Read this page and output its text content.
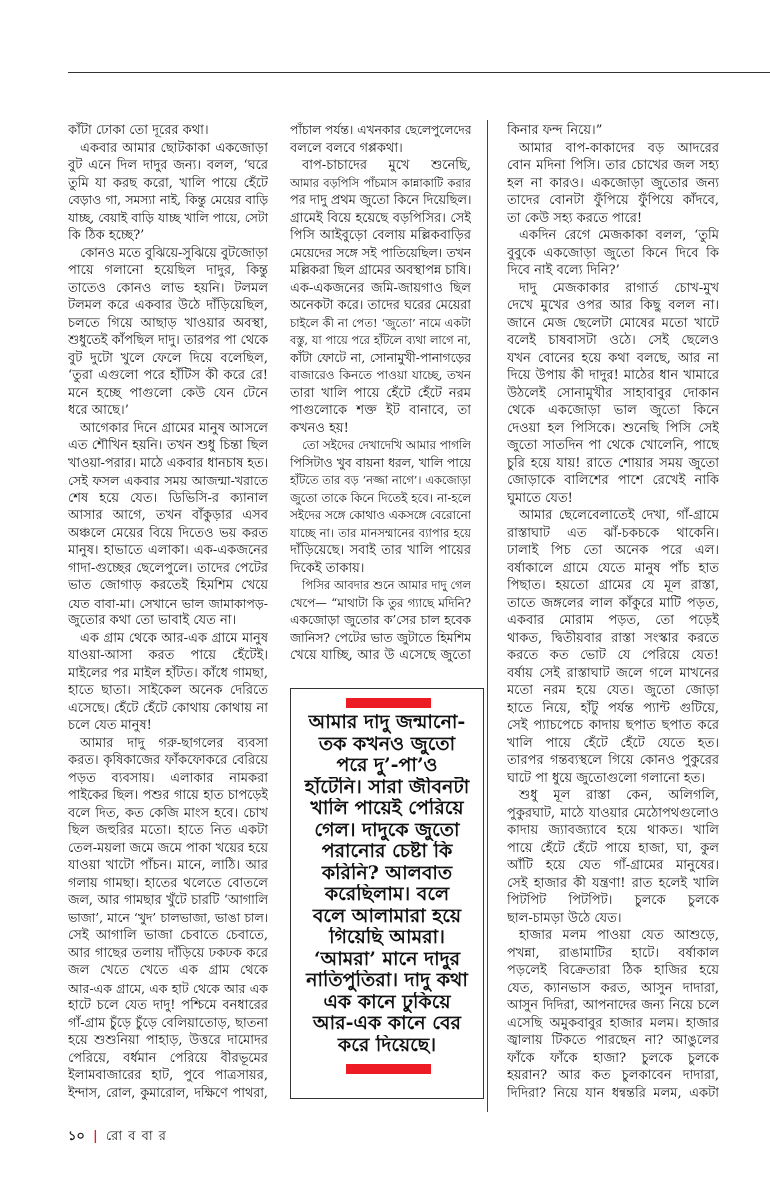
কাঁটা ঢোকা তো দূরের কথা।
একবার আমার ছোটকাকা একজোড়া
বুট এনে দিল দাদুর জন্য। বলল, ‘ঘরে
তুমি যা করছ করো, খালি পায়ে হেঁটে
বেড়াও গা, সমস্যা নাই, কিন্তু মেয়ের বাড়ি
যাচ্ছ, বেয়াই বাড়ি যাচ্ছ খালি পায়ে, সেটা
কি ঠিক হচ্ছে?’
কোনও মতে বুঝিয়ে-সুঝিয়ে বুটজোড়া
পায়ে গলানো হয়েছিল দাদুর, কিন্তু
তাতেও কোনও লাভ হয়নি। টলমল
টলমল করে একবার উঠে দাঁড়িয়েছিল,
চলতে গিয়ে আছাড় খাওয়ার অবস্থা,
শুধুতেই কাঁপছিল দাদু। তারপর পা থেকে
বুট দুটো খুলে ফেলে দিয়ে বলেছিল,
‘তুরা এগুলো পরে হাঁটিস কী করে রে!
মনে হচ্ছে পাগুলো কেউ যেন টেনে
ধরে আছে।’
আগেকার দিনে গ্রামের মানুষ আসলে
এত শৌখিন হয়নি। তখন শুধু চিন্তা ছিল
খাওয়া-পরার। মাঠে একবার ধানচাষ হত।
সেই ফসল একবার সময় আজন্মা-খরাতে
শেষ হয়ে যেত। ডিভিসি-র ক্যানাল
আসার আগে, তখন বাঁকুড়ার এসব
অঞ্চলে মেয়ের বিয়ে দিতেও ভয় করত
মানুষ। হাভাতে এলাকা। এক-একজনের
গাদা-গুচ্ছের ছেলেপুলে। তাদের পেটের
ভাত জোগাড় করতেই হিমশিম খেয়ে
যেত বাবা-মা। সেখানে ভাল জামাকাপড়-
জুতোর কথা তো ভাবাই যেত না।
এক গ্রাম থেকে আর-এক গ্রামে মানুষ
যাওয়া-আসা করত পায়ে হেঁটেই।
মাইলের পর মাইল হাঁটত। কাঁধে গামছা,
হাতে ছাতা। সাইকেল অনেক দেরিতে
এসেছে। হেঁটে হেঁটে কোথায় কোথায় না
চলে যেত মানুষ!
আমার দাদু গরু-ছাগলের ব্যবসা
করত। কৃষিকাজের ফাঁকফোকরে বেরিয়ে
পড়ত ব্যবসায়। এলাকার নামকরা
পাইকের ছিল। পশুর গায়ে হাত চাপড়েই
বলে দিত, কত কেজি মাংস হবে। চোখ
ছিল জহুরির মতো। হাতে নিত একটা
তেল-ময়লা জমে জমে পাকা খয়ের হয়ে
যাওয়া খাটো পাঁচন। মানে, লাঠি। আর
গলায় গামছা। হাতের থলেতে বোতলে
জল, আর গামছার খুঁটে চারটি ‘আগালি
ভাজা’, মানে ‘খুদ’ চালভাজা, ভাঙা চাল।
সেই আগালি ভাজা চেবাতে চেবাতে,
আর গাছের তলায় দাঁড়িয়ে ঢকঢক করে
জল খেতে খেতে এক গ্রাম থেকে
আর-এক গ্রামে, এক হাট থেকে আর এক
হাটে চলে যেত দাদু! পশ্চিমে বনধারের
গাঁ-গ্রাম চুঁড়ে চুঁড়ে বেলিয়াতোড়, ছাতনা
হয়ে শুশুনিয়া পাহাড়, উত্তরে দামোদর
পেরিয়ে, বর্ধমান পেরিয়ে বীরভূমের
ইলামবাজারের হাট, পুবে পাত্রসায়র,
ইন্দাস, রোল, কুমারোল, দক্ষিণে পাথরা,
পাঁচাল পর্যন্ত। এখনকার ছেলেপুলেদের
বললে বলবে গপ্পকথা।
বাপ-চাচাদের মুখে শুনেছি,
আমার বড়পিসি পাঁচমাস কান্নাকাটি করার
পর দাদু প্রথম জুতো কিনে দিয়েছিল।
গ্রামেই বিয়ে হয়েছে বড়পিসির। সেই
পিসি আইবুড়ো বেলায় মল্লিকবাড়ির
মেয়েদের সঙ্গে সই পাতিয়েছিল। তখন
মল্লিকরা ছিল গ্রামের অবস্থাপন্ন চাষি।
এক-একজনের জমি-জায়গাও ছিল
অনেকটা করে। তাদের ঘরের মেয়েরা
চাইলে কী না পেত! ‘জুতো’ নামে একটা
বস্তু, যা পায়ে পরে হাঁটলে ব্যথা লাগে না,
কাঁটা ফোটে না, সোনামুখী-পানাগড়ের
বাজারেও কিনতে পাওয়া যাচ্ছে, তখন
তারা খালি পায়ে হেঁটে হেঁটে নরম
পাগুলোকে শক্ত ইট বানাবে, তা
কখনও হয়!
তো সইদের দেখাদেখি আমার পাগলি
পিসিটাও খুব বায়না ধরল, খালি পায়ে
হাঁটতে তার বড় ‘নজ্জা নাগে’। একজোড়া
জুতো তাকে কিনে দিতেই হবে। না-হলে
সইদের সঙ্গে কোথাও একসঙ্গে বেরোনো
যাচ্ছে না। তার মানসম্মানের ব্যাপার হয়ে
দাঁড়িয়েছে। সবাই তার খালি পায়ের
দিকেই তাকায়।
পিসির আবদার শুনে আমার দাদু গেল
খেপে— “মাথাটা কি তুর গ্যাছে মদিনি?
একজোড়া জুতোর ক’সের চাল হবেক
জানিস? পেটের ভাত জুটাতে হিমশিম
খেয়ে যাচ্ছি, আর উ এসেছে জুতো
কিনার ফন্দ নিয়ে।”
আমার বাপ-কাকাদের বড় আদরের
বোন মদিনা পিসি। তার চোখের জল সহ্য
হল না কারও। একজোড়া জুতোর জন্য
তাদের বোনটা ফুঁপিয়ে ফুঁপিয়ে কাঁদবে,
তা কেউ সহ্য করতে পারে!
একদিন রেগে মেজকাকা বলল, ‘তুমি
বুবুকে একজোড়া জুতো কিনে দিবে কি
দিবে নাই বল্যে দিনি?’
দাদু মেজকাকার রাগার্ত চোখ-মুখ
দেখে মুখের ওপর আর কিছু বলল না।
জানে মেজ ছেলেটা মোষের মতো খাটে
বলেই চাষবাসটা ওঠে। সেই ছেলেও
যখন বোনের হয়ে কথা বলছে, আর না
দিয়ে উপায় কী দাদুর! মাঠের ধান খামারে
উঠলেই সোনামুখীর সাহাবাবুর দোকান
থেকে একজোড়া ভাল জুতো কিনে
দেওয়া হল পিসিকে। শুনেছি পিসি সেই
জুতো সাতদিন পা থেকে খোলেনি, পাছে
চুরি হয়ে যায়! রাতে শোয়ার সময় জুতো
জোড়াকে বালিশের পাশে রেখেই নাকি
ঘুমাতে যেত!
আমার ছেলেবেলাতেই দেখা, গাঁ-গ্রামে
রাস্তাঘাট এত ঝাঁ-চকচকে থাকেনি।
ঢালাই পিচ তো অনেক পরে এল।
বর্ষাকালে গ্রামে যেতে মানুষ পাঁচ হাত
পিছাত। হয়তো গ্রামের যে মূল রাস্তা,
তাতে জঙ্গলের লাল কাঁকুরে মাটি পড়ত,
একবার মোরাম পড়ত, তো পড়েই
থাকত, দ্বিতীয়বার রাস্তা সংস্কার করতে
করতে কত ভোট যে পেরিয়ে যেত!
বর্ষায় সেই রাস্তাঘাট জলে গলে মাখনের
মতো নরম হয়ে যেত। জুতো জোড়া
হাতে নিয়ে, হাঁটু পর্যন্ত প্যান্ট গুটিয়ে,
সেই প্যাচপেচে কাদায় ছপাত ছপাত করে
খালি পায়ে হেঁটে হেঁটে যেতে হত।
তারপর গন্তব্যস্থলে গিয়ে কোনও পুকুরের
ঘাটে পা ধুয়ে জুতোগুলো গলানো হত।
শুধু মূল রাস্তা কেন, অলিগলি,
পুকুরঘাট, মাঠে যাওয়ার মেঠোপথগুলোও
কাদায় জ্যাবজ্যাবে হয়ে থাকত। খালি
পায়ে হেঁটে হেঁটে পায়ে হাজা, ঘা, কুল
আঁটি হয়ে যেত গাঁ-গ্রামের মানুষের।
সেই হাজার কী যন্ত্রণা! রাত হলেই খালি
পিটপিট পিটপিট। চুলকে চুলকে
ছাল-চামড়া উঠে যেত।
হাজার মলম পাওয়া যেত আশুড়ে,
পখন্না, রাঙামাটির হাটে। বর্ষাকাল
পড়লেই বিক্রেতারা ঠিক হাজির হয়ে
যেত, ক্যানভাস করত, আসুন দাদারা,
আসুন দিদিরা, আপনাদের জন্য নিয়ে চলে
এসেছি অমুকবাবুর হাজার মলম। হাজার
জ্বালায় টিকতে পারছেন না? আঙুলের
ফাঁকে ফাঁকে হাজা? চুলকে চুলকে
হয়রান? আর কত চুলকাবেন দাদারা,
দিদিরা? নিয়ে যান ধন্বন্তরি মলম, একটা
আমার দাদু জন্মানো-
তক কখনও জুতো
পরে দু’-পা’ও
হাঁটেনি। সারা জীবনটা
খালি পায়েই পেরিয়ে
গেল। দাদুকে জুতো
পরানোর চেষ্টা কি
করিনি? আলবাত
করেছিলাম। বলে
বলে আলামারা হয়ে
গিয়েছি আমরা।
‘আমরা’ মানে দাদুর
নাতিপুতিরা। দাদু কথা
এক কানে ঢুকিয়ে
আর-এক কানে বের
করে দিয়েছে।
১০ | রো ব বা র
